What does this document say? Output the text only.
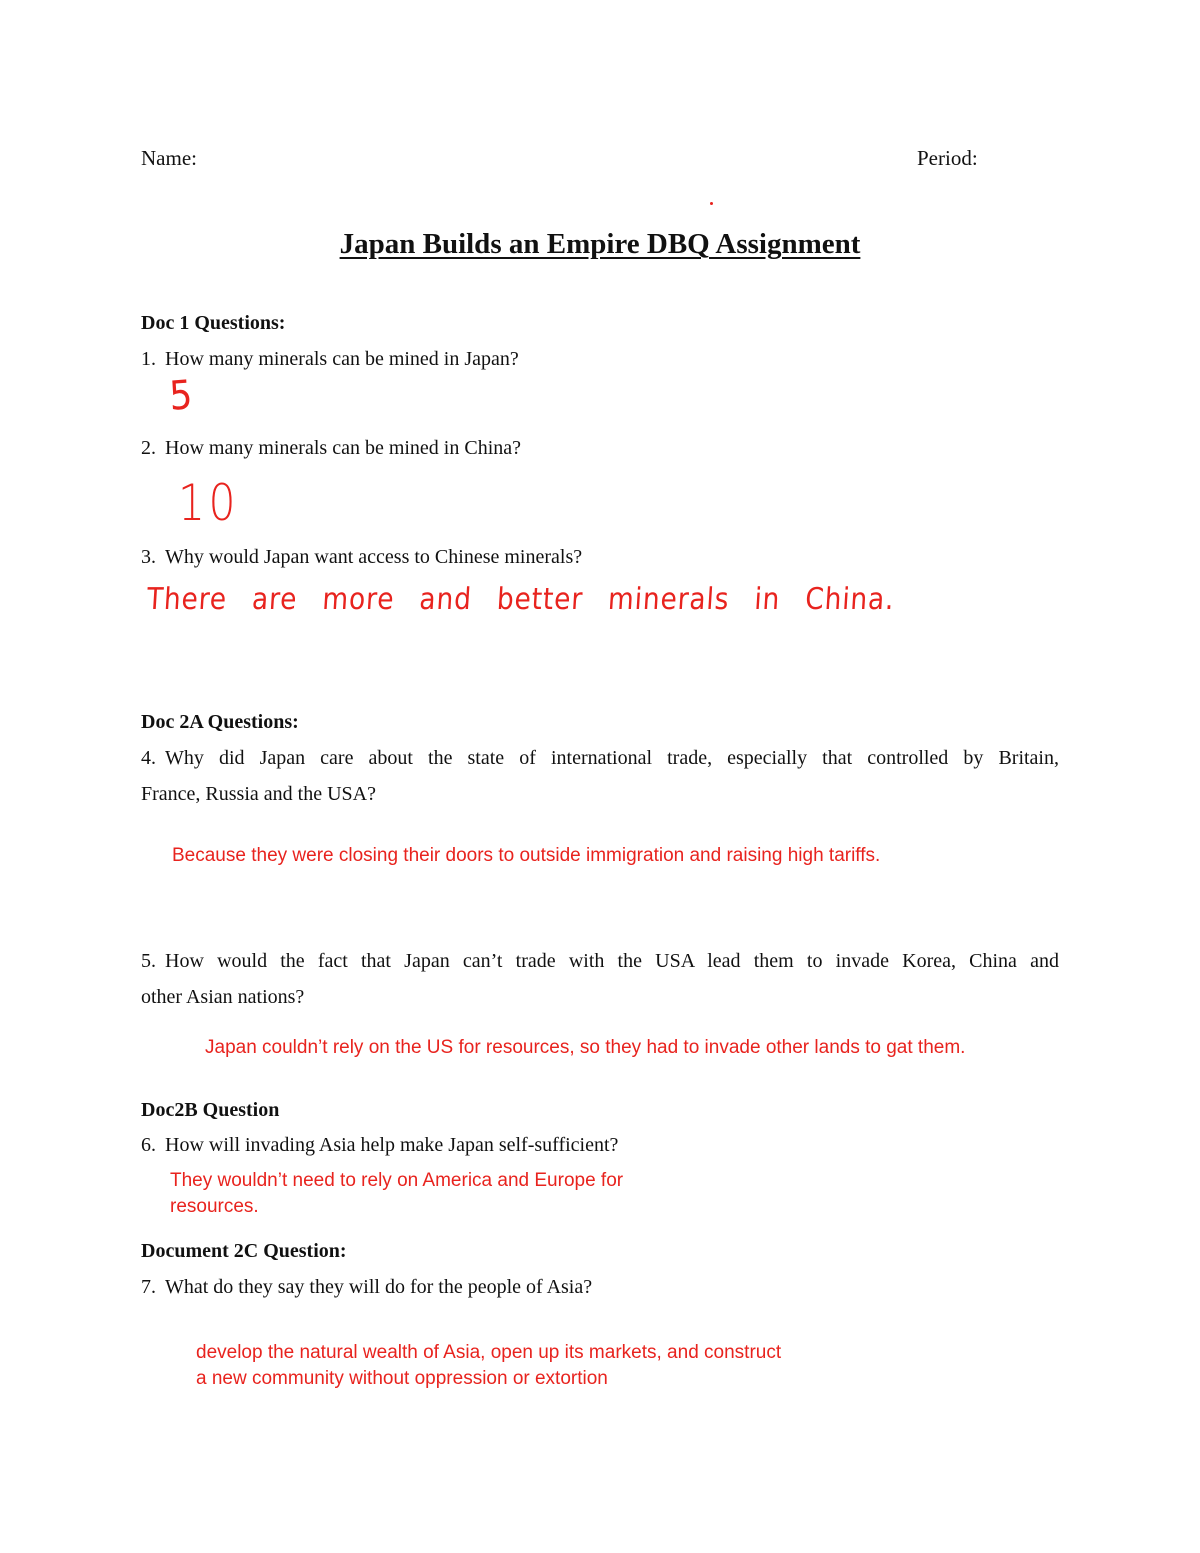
Name:	Period:
Japan Builds an Empire DBQ Assignment
Doc 1 Questions:
1. How many minerals can be mined in Japan?
5
2. How many minerals can be mined in China?
10
3. Why would Japan want access to Chinese minerals?
There are more and better minerals in China.
Doc 2A Questions:
4. Why did Japan care about the state of international trade, especially that controlled by Britain,
France, Russia and the USA?
Because they were closing their doors to outside immigration and raising high tariffs.
5. How would the fact that Japan can’t trade with the USA lead them to invade Korea, China and
other Asian nations?
Japan couldn’t rely on the US for resources, so they had to invade other lands to gat them.
Doc2B Question
6. How will invading Asia help make Japan self-sufficient?
They wouldn’t need to rely on America and Europe for resources.
Document 2C Question:
7. What do they say they will do for the people of Asia?
develop the natural wealth of Asia, open up its markets, and construct a new community without oppression or extortion
